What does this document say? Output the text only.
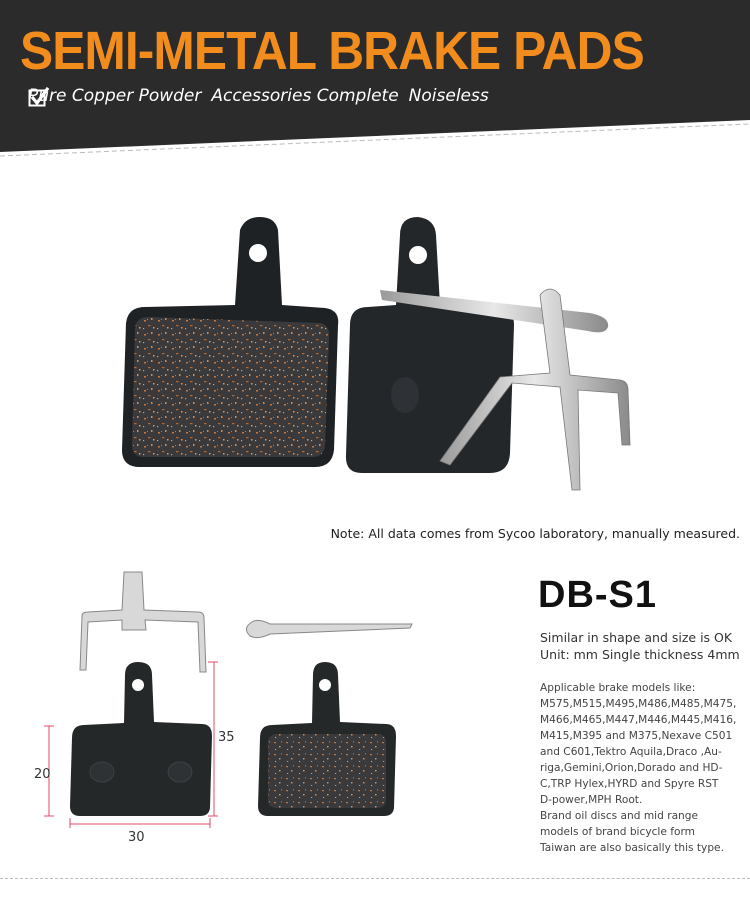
SEMI-METAL BRAKE PADS
Pure Copper Powder Accessories Complete Noiseless
Note: All data comes from Sycoo laboratory, manually measured.
35
20
30
DB-S1
Similar in shape and size is OK
Unit: mm Single thickness 4mm
Applicable brake models like:
M575,M515,M495,M486,M485,M475,
M466,M465,M447,M446,M445,M416,
M415,M395 and M375,Nexave C501
and C601,Tektro Aquila,Draco ,Au-
riga,Gemini,Orion,Dorado and HD-
C,TRP Hylex,HYRD and Spyre RST
D-power,MPH Root.
Brand oil discs and mid range
models of brand bicycle form
Taiwan are also basically this type.
